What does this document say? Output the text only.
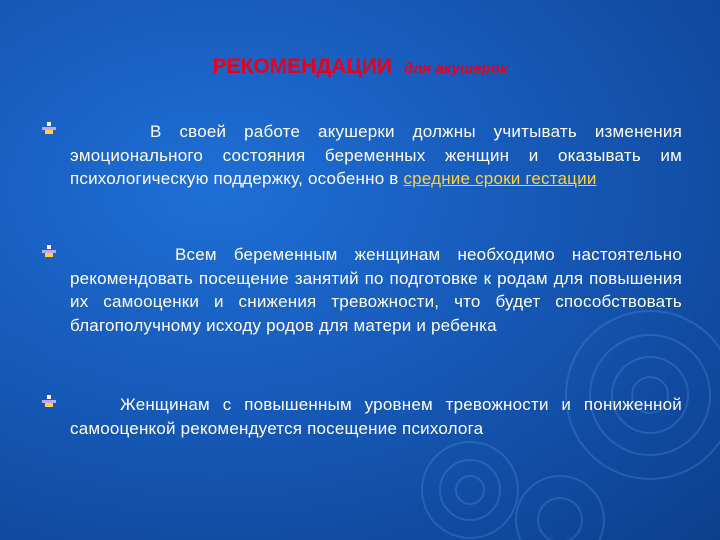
РЕКОМЕНДАЦИИ для акушерок
В своей работе акушерки должны учитывать изменения эмоционального состояния беременных женщин и оказывать им психологическую поддержку, особенно в средние сроки гестации
Всем беременным женщинам необходимо настоятельно рекомендовать посещение занятий по подготовке к родам для повышения их самооценки и снижения тревожности, что будет способствовать благополучному исходу родов для матери и ребенка
Женщинам с повышенным уровнем тревожности и пониженной самооценкой рекомендуется посещение психолога
